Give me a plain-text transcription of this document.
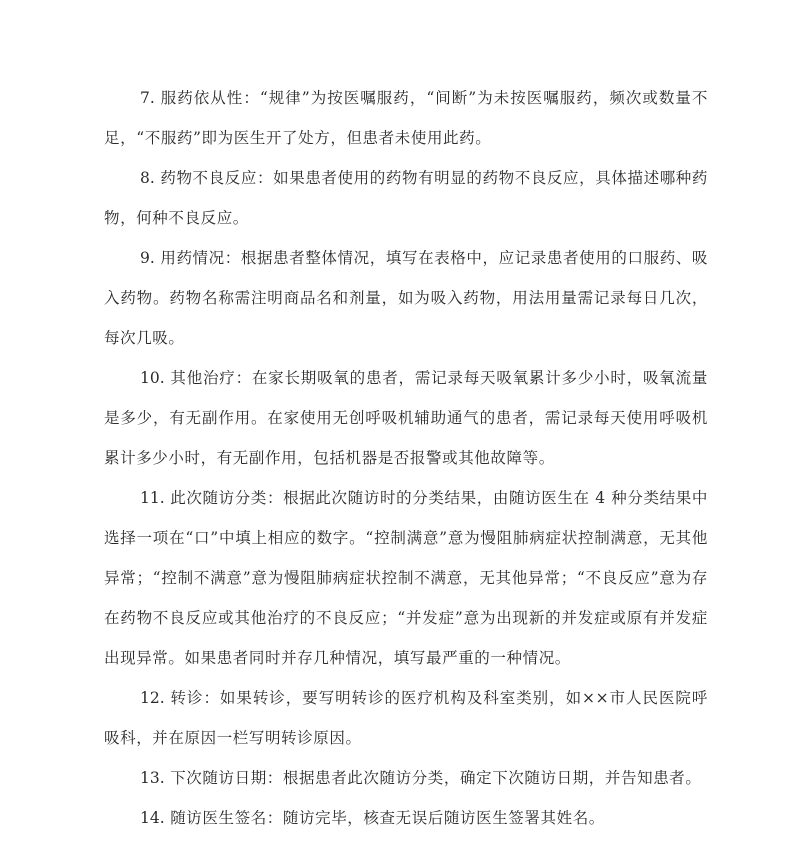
7. 服药依从性：“规律”为按医嘱服药，“间断”为未按医嘱服药，频次或数量不足，“不服药”即为医生开了处方，但患者未使用此药。

8. 药物不良反应：如果患者使用的药物有明显的药物不良反应，具体描述哪种药物，何种不良反应。

9. 用药情况：根据患者整体情况，填写在表格中，应记录患者使用的口服药、吸入药物。药物名称需注明商品名和剂量，如为吸入药物，用法用量需记录每日几次，每次几吸。

10. 其他治疗：在家长期吸氧的患者，需记录每天吸氧累计多少小时，吸氧流量是多少，有无副作用。在家使用无创呼吸机辅助通气的患者，需记录每天使用呼吸机累计多少小时，有无副作用，包括机器是否报警或其他故障等。

11. 此次随访分类：根据此次随访时的分类结果，由随访医生在 4 种分类结果中选择一项在“口”中填上相应的数字。“控制满意”意为慢阻肺病症状控制满意，无其他异常；“控制不满意”意为慢阻肺病症状控制不满意，无其他异常；“不良反应”意为存在药物不良反应或其他治疗的不良反应；“并发症”意为出现新的并发症或原有并发症出现异常。如果患者同时并存几种情况，填写最严重的一种情况。

12. 转诊：如果转诊，要写明转诊的医疗机构及科室类别，如××市人民医院呼吸科，并在原因一栏写明转诊原因。

13. 下次随访日期：根据患者此次随访分类，确定下次随访日期，并告知患者。

14. 随访医生签名：随访完毕，核查无误后随访医生签署其姓名。
